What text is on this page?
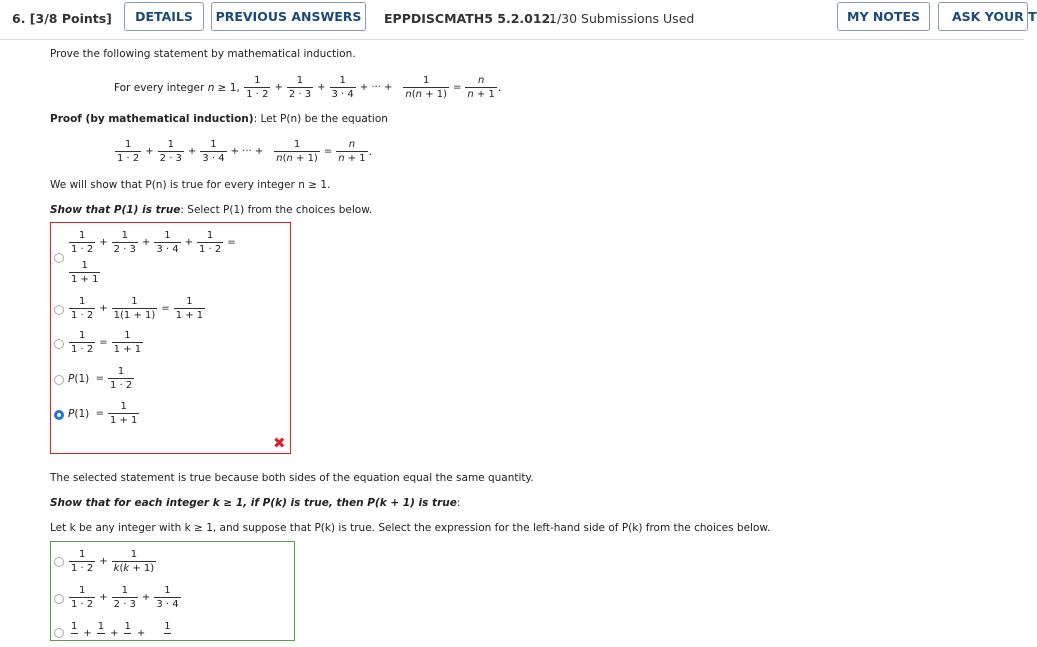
6. [3/8 Points]	DETAILS	PREVIOUS ANSWERS	EPPDISCMATH5 5.2.012.
1/30 Submissions Used	MY NOTES	ASK YOUR T
Prove the following statement by mathematical induction.
For every integer
n ≥ 1, $\frac{1}{1 \cdot 2} + \frac{1}{2 \cdot 3} + \frac{1}{3 \cdot 4}$ + ··· + $\frac{1}{n(n + 1)} = \frac{n}{n + 1}$ .
Proof (by mathematical induction): Let P(n) be the equation
$\frac{1}{1 \cdot 2} + \frac{1}{2 \cdot 3} + \frac{1}{3 \cdot 4}$ + ··· + $\frac{1}{n(n + 1)} = \frac{n}{n + 1}$ .
We will show that P(n) is true for every integer n ≥ 1.
Show that P(1) is true: Select P(1) from the choices below.
$\frac{1}{1 \cdot 2} + \frac{1}{2 \cdot 3} + \frac{1}{3 \cdot 4} + \frac{1}{1 \cdot 2}$ =
$\frac{1}{1 + 1}$
$\frac{1}{1 \cdot 2} + \frac{1}{1(1 + 1)} = \frac{1}{1 + 1}$
$\frac{1}{1 \cdot 2} = \frac{1}{1 + 1}$
P $(1) = \frac{1}{1 \cdot 2}$
P $(1) = \frac{1}{1 + 1}$
✖
The selected statement is true because both sides of the equation equal the same quantity.
Show that for each integer k ≥ 1, if P(k) is true, then P(k + 1) is true:
Let k be any integer with k ≥ 1, and suppose that P(k) is true. Select the expression for the left-hand side of P(k) from the choices below.
$\frac{1}{1 \cdot 2} + \frac{1}{k(k + 1)}$
$\frac{1}{1 \cdot 2} + \frac{1}{2 \cdot 3} + \frac{1}{3 \cdot 4}$
1

+
1

+
1

+
1
